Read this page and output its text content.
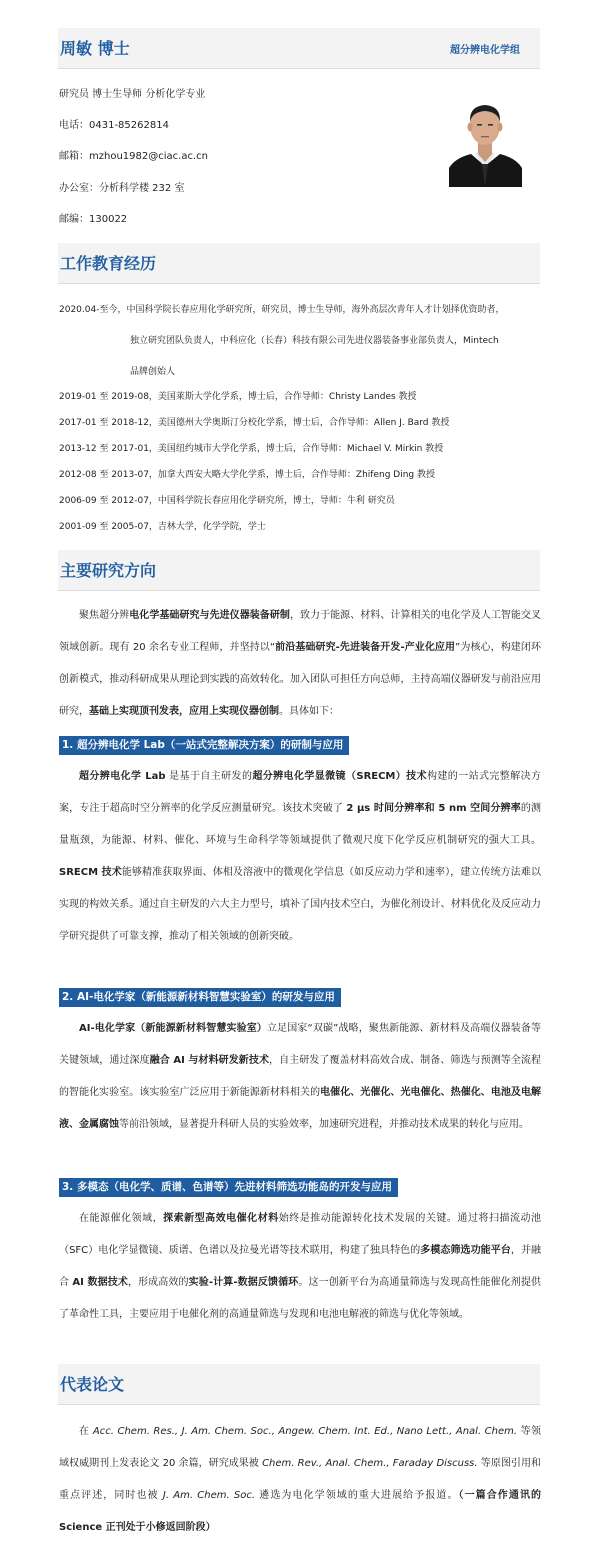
周敏 博士	超分辨电化学组
研究员 博士生导师 分析化学专业
电话：0431-85262814
邮箱：mzhou1982@ciac.ac.cn
办公室：分析科学楼 232 室
邮编：130022
工作教育经历
2020.04-至今，中国科学院长春应用化学研究所，研究员，博士生导师，海外高层次青年人才计划择优资助者，
独立研究团队负责人，中科应化（长春）科技有限公司先进仪器装备事业部负责人，Mintech
品牌创始人
2019-01 至 2019-08，美国莱斯大学化学系，博士后，合作导师：Christy Landes 教授
2017-01 至 2018-12，美国德州大学奥斯汀分校化学系，博士后，合作导师：Allen J. Bard 教授
2013-12 至 2017-01，美国纽约城市大学化学系，博士后，合作导师：Michael V. Mirkin 教授
2012-08 至 2013-07，加拿大西安大略大学化学系，博士后，合作导师：Zhifeng Ding 教授
2006-09 至 2012-07，中国科学院长春应用化学研究所，博士，导师：牛利 研究员
2001-09 至 2005-07，吉林大学，化学学院，学士
主要研究方向

聚焦超分辨电化学基础研究与先进仪器装备研制，致力于能源、材料、计算相关的电化学及人工智能交叉领域创新。现有 20 余名专业工程师，并坚持以“前沿基础研究-先进装备开发-产业化应用”为核心，构建闭环创新模式，推动科研成果从理论到实践的高效转化。加入团队可担任方向总师，主持高端仪器研发与前沿应用研究，基础上实现顶刊发表，应用上实现仪器创制。具体如下：

1. 超分辨电化学 Lab（一站式完整解决方案）的研制与应用

超分辨电化学 Lab 是基于自主研发的超分辨电化学显微镜（SRECM）技术构建的一站式完整解决方案，专注于超高时空分辨率的化学反应测量研究。该技术突破了 2 μs 时间分辨率和 5 nm 空间分辨率的测量瓶颈，为能源、材料、催化、环境与生命科学等领域提供了微观尺度下化学反应机制研究的强大工具。SRECM 技术能够精准获取界面、体相及溶液中的微观化学信息（如反应动力学和速率），建立传统方法难以实现的构效关系。通过自主研发的六大主力型号，填补了国内技术空白，为催化剂设计、材料优化及反应动力学研究提供了可靠支撑，推动了相关领域的创新突破。

2. AI-电化学家（新能源新材料智慧实验室）的研发与应用

AI-电化学家（新能源新材料智慧实验室）立足国家“双碳”战略，聚焦新能源、新材料及高端仪器装备等关键领域，通过深度融合 AI 与材料研发新技术，自主研发了覆盖材料高效合成、制备、筛选与预测等全流程的智能化实验室。该实验室广泛应用于新能源新材料相关的电催化、光催化、光电催化、热催化、电池及电解液、金属腐蚀等前沿领域，显著提升科研人员的实验效率，加速研究进程，并推动技术成果的转化与应用。

3. 多模态（电化学、质谱、色谱等）先进材料筛选功能岛的开发与应用

在能源催化领域，探索新型高效电催化材料始终是推动能源转化技术发展的关键。通过将扫描流动池（SFC）电化学显微镜、质谱、色谱以及拉曼光谱等技术联用，构建了独具特色的多模态筛选功能平台，并融合 AI 数据技术，形成高效的实验-计算-数据反馈循环。这一创新平台为高通量筛选与发现高性能催化剂提供了革命性工具，主要应用于电催化剂的高通量筛选与发现和电池电解液的筛选与优化等领域。

代表论文

在 Acc. Chem. Res., J. Am. Chem. Soc., Angew. Chem. Int. Ed., Nano Lett., Anal. Chem. 等领域权威期刊上发表论文 20 余篇，研究成果被 Chem. Rev., Anal. Chem., Faraday Discuss. 等原图引用和重点评述，同时也被 J. Am. Chem. Soc. 遴选为电化学领域的重大进展给予报道。（一篇合作通讯的 Science 正刊处于小修返回阶段）
